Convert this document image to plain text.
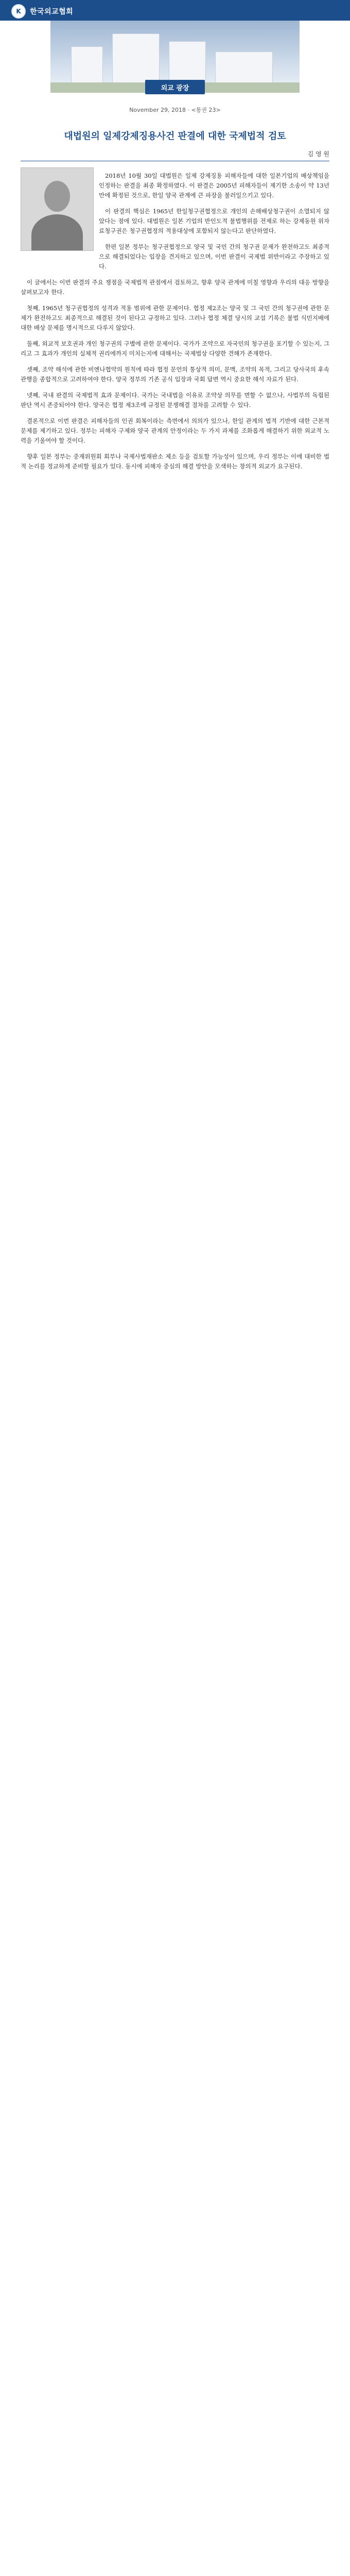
K 한국외교협회
외교 광장
November 29, 2018 · <통권 23>
대법원의 일제강제징용사건 판결에 대한 국제법적 검토
김 영 원

2018년 10월 30일 대법원은 일제 강제징용 피해자들에 대한 일본기업의 배상책임을 인정하는 판결을 최종 확정하였다. 이 판결은 2005년 피해자들이 제기한 소송이 약 13년 만에 확정된 것으로, 한일 양국 관계에 큰 파장을 불러일으키고 있다.

이 판결의 핵심은 1965년 한일청구권협정으로 개인의 손해배상청구권이 소멸되지 않았다는 점에 있다. 대법원은 일본 기업의 반인도적 불법행위를 전제로 하는 강제동원 위자료청구권은 청구권협정의 적용대상에 포함되지 않는다고 판단하였다.

한편 일본 정부는 청구권협정으로 양국 및 국민 간의 청구권 문제가 완전하고도 최종적으로 해결되었다는 입장을 견지하고 있으며, 이번 판결이 국제법 위반이라고 주장하고 있다.

이 글에서는 이번 판결의 주요 쟁점을 국제법적 관점에서 검토하고, 향후 양국 관계에 미칠 영향과 우리의 대응 방향을 살펴보고자 한다.

첫째, 1965년 청구권협정의 성격과 적용 범위에 관한 문제이다. 협정 제2조는 양국 및 그 국민 간의 청구권에 관한 문제가 완전하고도 최종적으로 해결된 것이 된다고 규정하고 있다. 그러나 협정 체결 당시의 교섭 기록은 불법 식민지배에 대한 배상 문제를 명시적으로 다루지 않았다.

둘째, 외교적 보호권과 개인 청구권의 구별에 관한 문제이다. 국가가 조약으로 자국민의 청구권을 포기할 수 있는지, 그리고 그 효과가 개인의 실체적 권리에까지 미치는지에 대해서는 국제법상 다양한 견해가 존재한다.

셋째, 조약 해석에 관한 비엔나협약의 원칙에 따라 협정 문언의 통상적 의미, 문맥, 조약의 목적, 그리고 당사국의 후속 관행을 종합적으로 고려하여야 한다. 양국 정부의 기존 공식 입장과 국회 답변 역시 중요한 해석 자료가 된다.

넷째, 국내 판결의 국제법적 효과 문제이다. 국가는 국내법을 이유로 조약상 의무를 면할 수 없으나, 사법부의 독립된 판단 역시 존중되어야 한다. 양국은 협정 제3조에 규정된 분쟁해결 절차를 고려할 수 있다.

결론적으로 이번 판결은 피해자들의 인권 회복이라는 측면에서 의의가 있으나, 한일 관계의 법적 기반에 대한 근본적 문제를 제기하고 있다. 정부는 피해자 구제와 양국 관계의 안정이라는 두 가지 과제를 조화롭게 해결하기 위한 외교적 노력을 기울여야 할 것이다.

향후 일본 정부는 중재위원회 회부나 국제사법재판소 제소 등을 검토할 가능성이 있으며, 우리 정부는 이에 대비한 법적 논리를 정교하게 준비할 필요가 있다. 동시에 피해자 중심의 해결 방안을 모색하는 창의적 외교가 요구된다.
